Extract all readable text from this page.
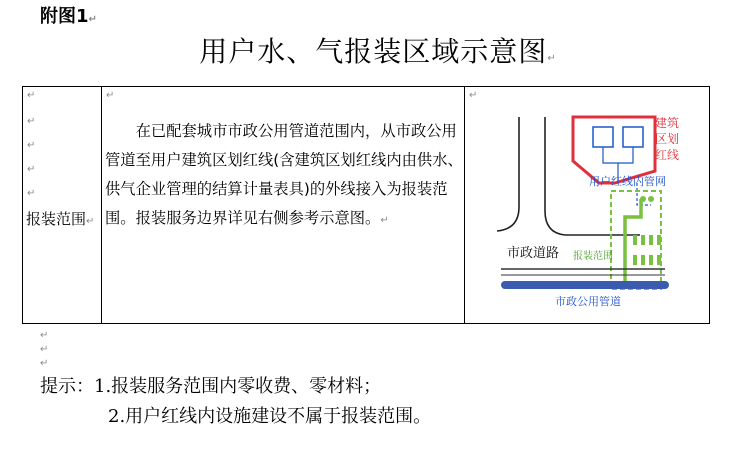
附图1↵
用户水、气报装区域示意图↵
↵
↵
↵
↵
↵
报装范围↵
↵

在已配套城市市政公用管道范围内，从市政公用管道至用户建筑区划红线(含建筑区划红线内由供水、供气企业管理的结算计量表具)的外线接入为报装范围。报装服务边界详见右侧参考示意图。↵

↵
建筑
区划
红线
用户红线内管网
市政道路 报装范围
市政公用管道
↵
↵
↵
提示：1.报装服务范围内零收费、零材料；
2.用户红线内设施建设不属于报装范围。
